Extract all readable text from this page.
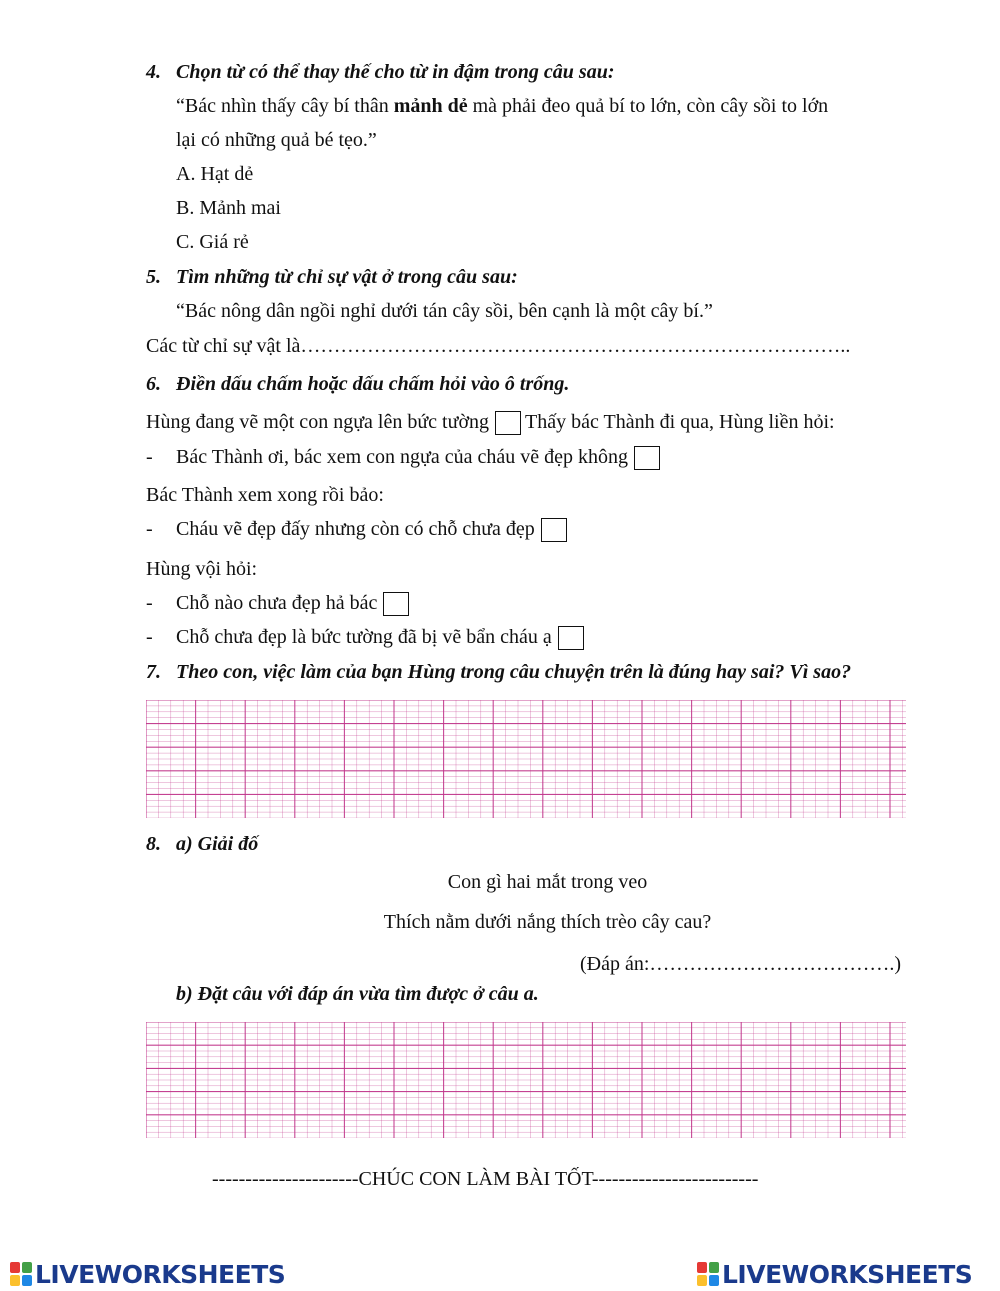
4. Chọn từ có thể thay thế cho từ in đậm trong câu sau:
“Bác nhìn thấy cây bí thân mảnh dẻ mà phải đeo quả bí to lớn, còn cây sồi to lớn
lại có những quả bé tẹo.”
A. Hạt dẻ
B. Mảnh mai
C. Giá rẻ
5. Tìm những từ chỉ sự vật ở trong câu sau:
“Bác nông dân ngồi nghỉ dưới tán cây sồi, bên cạnh là một cây bí.”
Các từ chỉ sự vật là………………………………………………………………………..
6. Điền dấu chấm hoặc dấu chấm hỏi vào ô trống.
Hùng đang vẽ một con ngựa lên bức tường Thấy bác Thành đi qua, Hùng liền hỏi:
- Bác Thành ơi, bác xem con ngựa của cháu vẽ đẹp không
Bác Thành xem xong rồi bảo:
- Cháu vẽ đẹp đấy nhưng còn có chỗ chưa đẹp
Hùng vội hỏi:
- Chỗ nào chưa đẹp hả bác
- Chỗ chưa đẹp là bức tường đã bị vẽ bẩn cháu ạ
7. Theo con, việc làm của bạn Hùng trong câu chuyện trên là đúng hay sai? Vì sao?
8. a) Giải đố
Con gì hai mắt trong veo
Thích nằm dưới nắng thích trèo cây cau?
(Đáp án:……………………………….)
b) Đặt câu với đáp án vừa tìm được ở câu a.
----------------------CHÚC CON LÀM BÀI TỐT-------------------------
LIVEWORKSHEETS	LIVEWORKSHEETS
